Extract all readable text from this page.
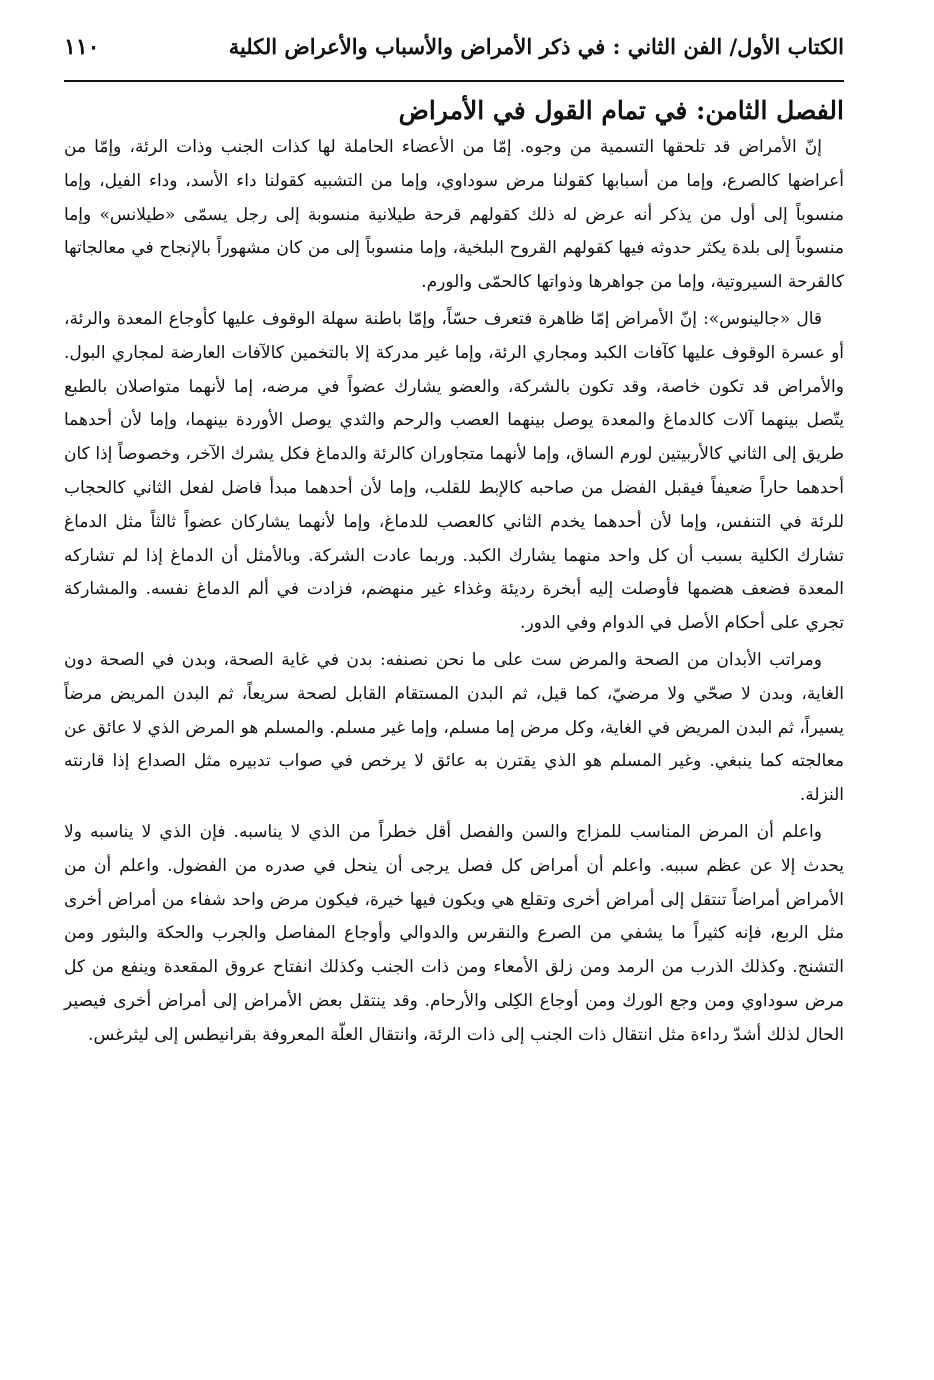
الكتاب الأول/ الفن الثاني : في ذكر الأمراض والأسباب والأعراض الكلية
١١٠
الفصل الثامن: في تمام القول في الأمراض

إنّ الأمراض قد تلحقها التسمية من وجوه. إمّا من الأعضاء الحاملة لها كذات الجنب وذات الرئة، وإمّا من أعراضها كالصرع، وإما من أسبابها كقولنا مرض سوداوي، وإما من التشبيه كقولنا داء الأسد، وداء الفيل، وإما منسوباً إلى أول من يذكر أنه عرض له ذلك كقولهم قرحة طيلانية منسوبة إلى رجل يسمّى «طيلانس» وإما منسوباً إلى بلدة يكثر حدوثه فيها كقولهم القروح البلخية، وإما منسوباً إلى من كان مشهوراً بالإنجاح في معالجاتها كالقرحة السيروتية، وإما من جواهرها وذواتها كالحمّى والورم.

قال «جالينوس»: إنّ الأمراض إمّا ظاهرة فتعرف حسّاً، وإمّا باطنة سهلة الوقوف عليها كأوجاع المعدة والرئة، أو عسرة الوقوف عليها كآفات الكبد ومجاري الرئة، وإما غير مدركة إلا بالتخمين كالآفات العارضة لمجاري البول. والأمراض قد تكون خاصة، وقد تكون بالشركة، والعضو يشارك عضواً في مرضه، إما لأنهما متواصلان بالطبع يتّصل بينهما آلات كالدماغ والمعدة يوصل بينهما العصب والرحم والثدي يوصل الأوردة بينهما، وإما لأن أحدهما طريق إلى الثاني كالأربيتين لورم الساق، وإما لأنهما متجاوران كالرئة والدماغ فكل يشرك الآخر، وخصوصاً إذا كان أحدهما حاراً ضعيفاً فيقبل الفضل من صاحبه كالإبط للقلب، وإما لأن أحدهما مبدأ فاضل لفعل الثاني كالحجاب للرئة في التنفس، وإما لأن أحدهما يخدم الثاني كالعصب للدماغ، وإما لأنهما يشاركان عضواً ثالثاً مثل الدماغ تشارك الكلية بسبب أن كل واحد منهما يشارك الكبد. وربما عادت الشركة. وبالأمثل أن الدماغ إذا لم تشاركه المعدة فضعف هضمها فأوصلت إليه أبخرة رديئة وغذاء غير منهضم، فزادت في ألم الدماغ نفسه. والمشاركة تجري على أحكام الأصل في الدوام وفي الدور.

ومراتب الأبدان من الصحة والمرض ست على ما نحن نصنفه: بدن في غاية الصحة، وبدن في الصحة دون الغاية، وبدن لا صحّي ولا مرضيّ، كما قيل، ثم البدن المستقام القابل لصحة سريعاً، ثم البدن المريض مرضاً يسيراً، ثم البدن المريض في الغاية، وكل مرض إما مسلم، وإما غير مسلم. والمسلم هو المرض الذي لا عائق عن معالجته كما ينبغي. وغير المسلم هو الذي يقترن به عائق لا يرخص في صواب تدبيره مثل الصداع إذا قارنته النزلة.

واعلم أن المرض المناسب للمزاج والسن والفصل أقل خطراً من الذي لا يناسبه. فإن الذي لا يناسبه ولا يحدث إلا عن عظم سببه. واعلم أن أمراض كل فصل يرجى أن ينحل في صدره من الفضول. واعلم أن من الأمراض أمراضاً تنتقل إلى أمراض أخرى وتقلع هي ويكون فيها خيرة، فيكون مرض واحد شفاء من أمراض أخرى مثل الربع، فإنه كثيراً ما يشفي من الصرع والنقرس والدوالي وأوجاع المفاصل والجرب والحكة والبثور ومن التشنج. وكذلك الذرب من الرمد ومن زلق الأمعاء ومن ذات الجنب وكذلك انفتاح عروق المقعدة وينفع من كل مرض سوداوي ومن وجع الورك ومن أوجاع الكِلى والأرحام. وقد ينتقل بعض الأمراض إلى أمراض أخرى فيصير الحال لذلك أشدّ رداءة مثل انتقال ذات الجنب إلى ذات الرئة، وانتقال العلّة المعروفة بقرانيطس إلى ليثرغس.
